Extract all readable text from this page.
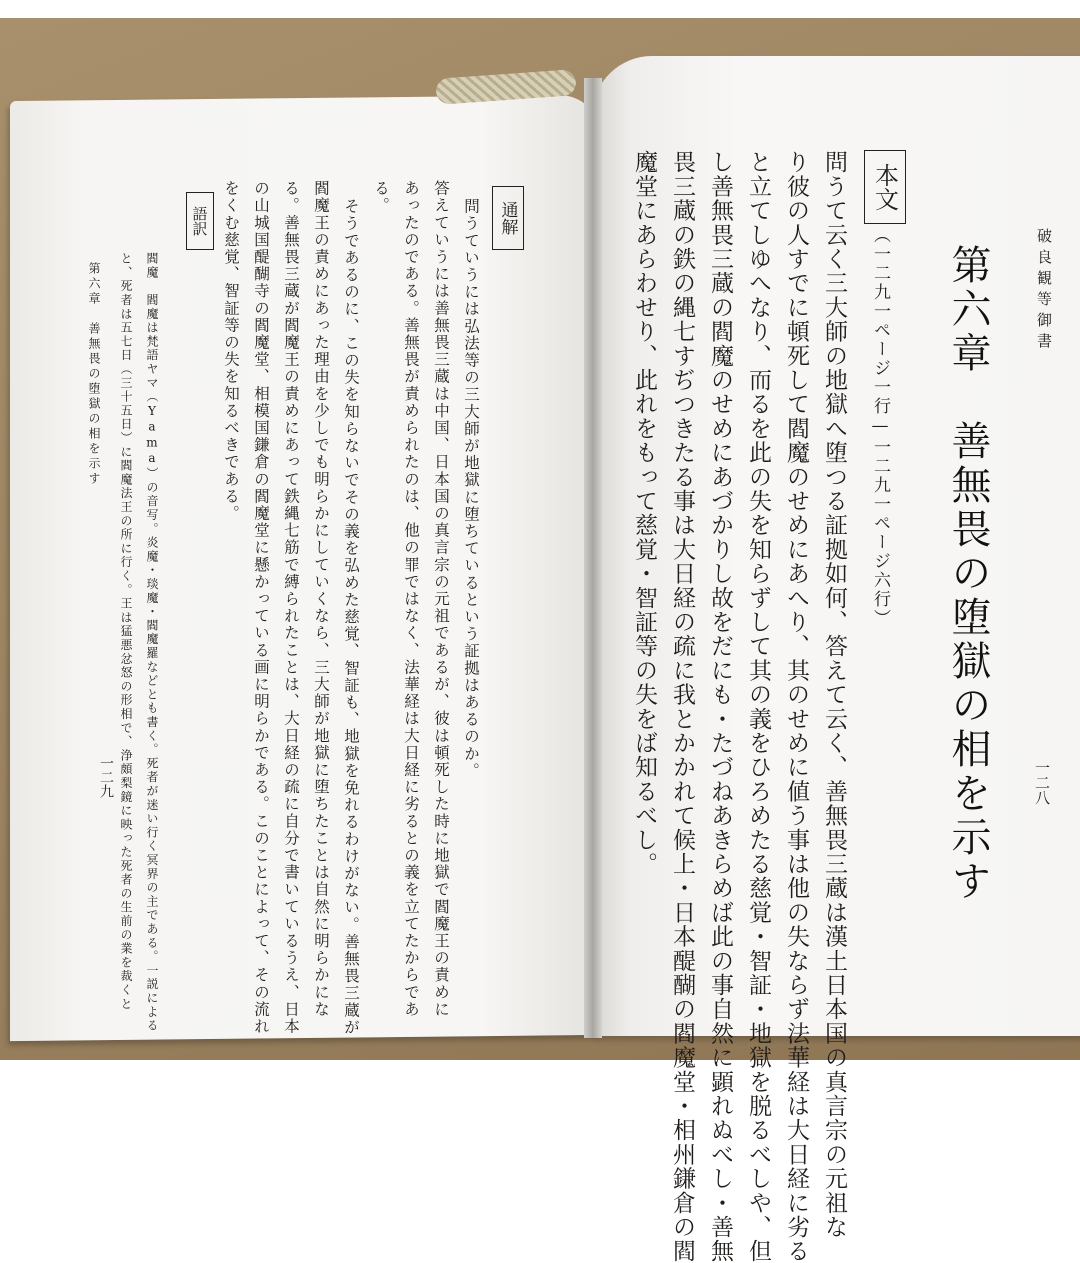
破良観等御書
一二八
第六章　善無畏の堕獄の相を示す
本文
（一二九一ページ一行—一二九一ページ六行）
問うて云く三大師の地獄へ堕つる証拠如何、答えて云く、善無畏三蔵は漢土日本国の真言宗の元祖な
り彼の人すでに頓死して閻魔のせめにあへり、其のせめに値う事は他の失ならず法華経は大日経に劣る
と立てしゆへなり、而るを此の失を知らずして其の義をひろめたる慈覚・智証・地獄を脱るべしや、但
し善無畏三蔵の閻魔のせめにあづかりし故をだにも・たづねあきらめば此の事自然に顕れぬべし・善無
畏三蔵の鉄の縄七すぢつきたる事は大日経の疏に我とかかれて候上・日本醍醐の閻魔堂・相州鎌倉の閻
魔堂にあらわせり、此れをもって慈覚・智証等の失をば知るべし。
通解
問うていうには弘法等の三大師が地獄に堕ちているという証拠はあるのか。
答えていうには善無畏三蔵は中国、日本国の真言宗の元祖であるが、彼は頓死した時に地獄で閻魔王の責めに
あったのである。善無畏が責められたのは、他の罪ではなく、法華経は大日経に劣るとの義を立てたからであ
る。
そうであるのに、この失を知らないでその義を弘めた慈覚、智証も、地獄を免れるわけがない。善無畏三蔵が
閻魔王の責めにあった理由を少しでも明らかにしていくなら、三大師が地獄に堕ちたことは自然に明らかにな
る。善無畏三蔵が閻魔王の責めにあって鉄縄七筋で縛られたことは、大日経の疏に自分で書いているうえ、日本
の山城国醍醐寺の閻魔堂、相模国鎌倉の閻魔堂に懸かっている画に明らかである。このことによって、その流れ
をくむ慈覚、智証等の失を知るべきである。
語訳
閻魔　閻魔は梵語ヤマ（Yama）の音写。炎魔・琰魔・閻魔羅などとも書く。死者が迷い行く冥界の主である。一説による
と、死者は五七日（三十五日）に閻魔法王の所に行く。王は猛悪忿怒の形相で、浄頗梨鏡に映った死者の生前の業を裁くと
第六章　善無畏の堕獄の相を示す
一二九
